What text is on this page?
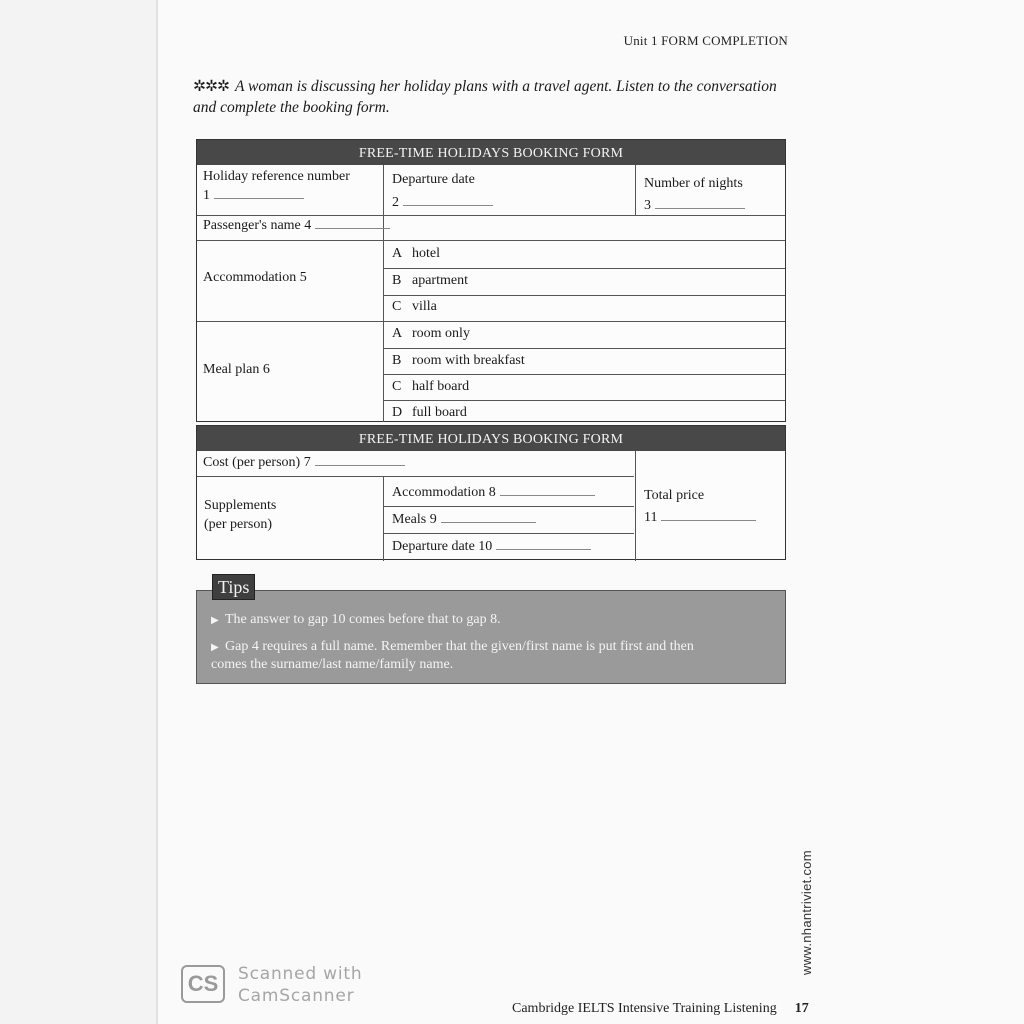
Unit 1 FORM COMPLETION
✲✲✲ A woman is discussing her holiday plans with a travel agent. Listen to the conversation and complete the booking form.
FREE-TIME HOLIDAYS BOOKING FORM
Holiday reference number
1
Departure date
2
Number of nights
3
Passenger's name 4
Accommodation 5
A hotel
B apartment
C villa
Meal plan 6
A room only
B room with breakfast
C half board
D full board
FREE-TIME HOLIDAYS BOOKING FORM
Cost (per person) 7
Supplements
(per person)
Accommodation 8
Meals 9
Departure date 10
Total price
11
▶ The answer to gap 10 comes before that to gap 8.
▶ Gap 4 requires a full name. Remember that the given/first name is put first and then
comes the surname/last name/family name.
Tips
www.nhantriviet.com
CS	Scanned with
CamScanner
Cambridge IELTS Intensive Training Listening 17
